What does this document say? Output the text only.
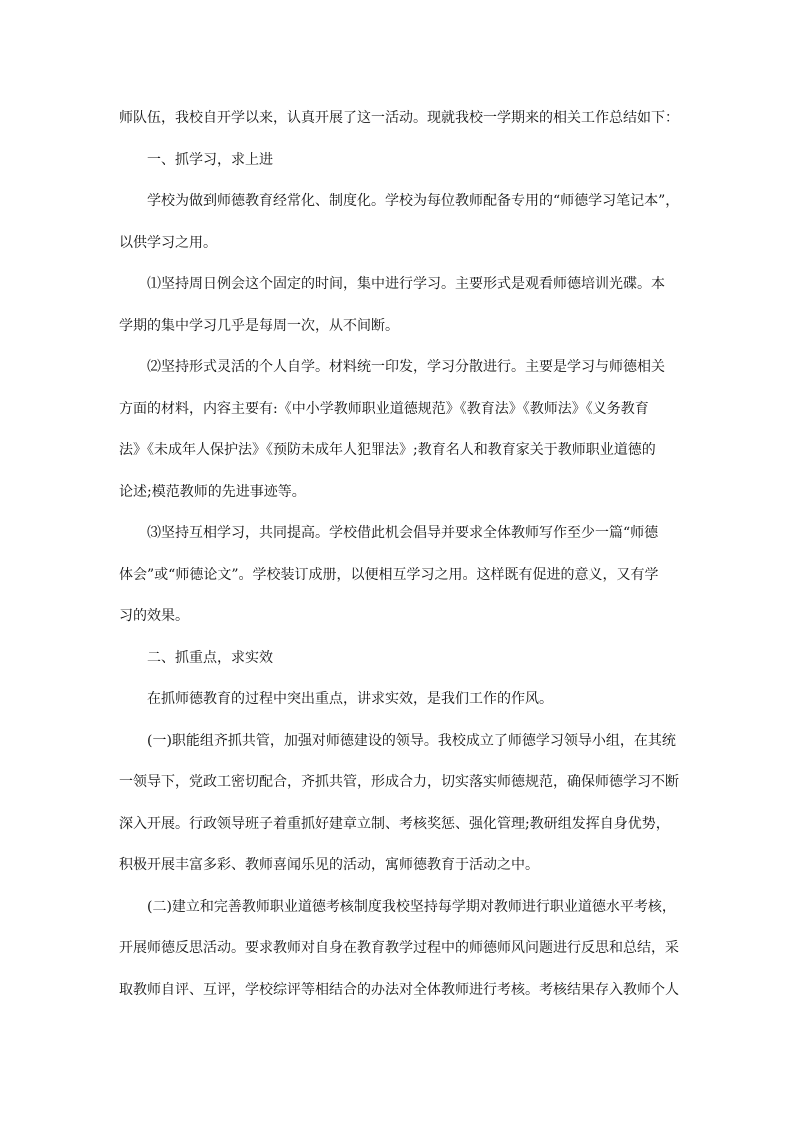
师队伍，我校自开学以来，认真开展了这一活动。现就我校一学期来的相关工作总结如下：
一、抓学习，求上进
学校为做到师德教育经常化、制度化。学校为每位教师配备专用的“师德学习笔记本”，
以供学习之用。
⑴坚持周日例会这个固定的时间，集中进行学习。主要形式是观看师德培训光碟。本
学期的集中学习几乎是每周一次，从不间断。
⑵坚持形式灵活的个人自学。材料统一印发，学习分散进行。主要是学习与师德相关
方面的材料，内容主要有:《中小学教师职业道德规范》《教育法》《教师法》《义务教育
法》《未成年人保护法》《预防未成年人犯罪法》;教育名人和教育家关于教师职业道德的
论述;模范教师的先进事迹等。
⑶坚持互相学习，共同提高。学校借此机会倡导并要求全体教师写作至少一篇“师德
体会”或“师德论文”。学校装订成册，以便相互学习之用。这样既有促进的意义，又有学
习的效果。
二、抓重点，求实效
在抓师德教育的过程中突出重点，讲求实效，是我们工作的作风。
(一)职能组齐抓共管，加强对师德建设的领导。我校成立了师德学习领导小组，在其统
一领导下，党政工密切配合，齐抓共管，形成合力，切实落实师德规范，确保师德学习不断
深入开展。行政领导班子着重抓好建章立制、考核奖惩、强化管理;教研组发挥自身优势，
积极开展丰富多彩、教师喜闻乐见的活动，寓师德教育于活动之中。
(二)建立和完善教师职业道德考核制度我校坚持每学期对教师进行职业道德水平考核，
开展师德反思活动。要求教师对自身在教育教学过程中的师德师风问题进行反思和总结，采
取教师自评、互评，学校综评等相结合的办法对全体教师进行考核。考核结果存入教师个人
